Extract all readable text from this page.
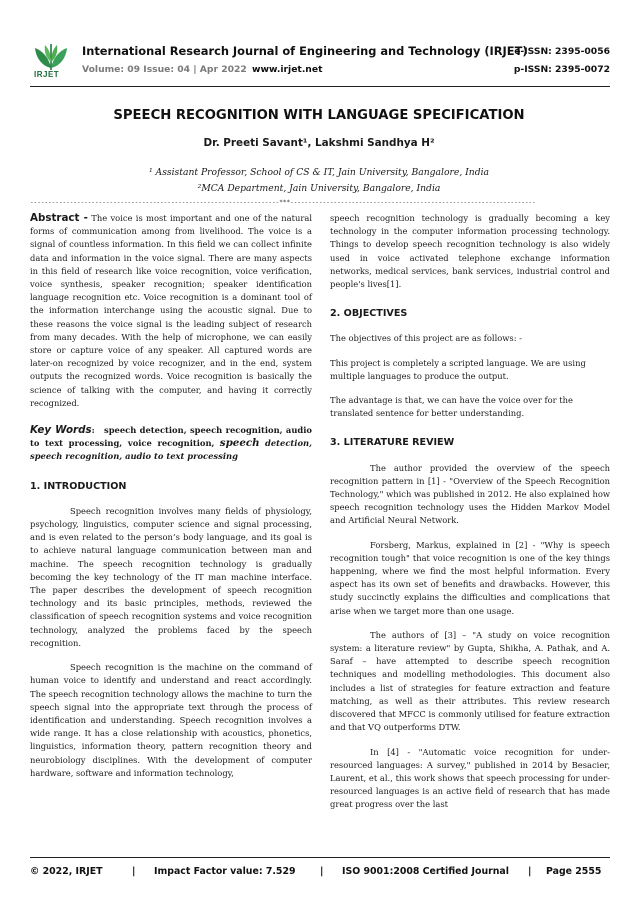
IRJET
International Research Journal of Engineering and Technology (IRJET)
Volume: 09 Issue: 04 | Apr 2022 www.irjet.net
e-ISSN: 2395-0056
p-ISSN: 2395-0072
SPEECH RECOGNITION WITH LANGUAGE SPECIFICATION
Dr. Preeti Savant¹, Lakshmi Sandhya H²
¹ Assistant Professor, School of CS & IT, Jain University, Bangalore, India
²MCA Department, Jain University, Bangalore, India
---------------------------------------------------------------------***--------------------------------------------------------------------

Abstract - The voice is most important and one of the natural forms of communication among from livelihood. The voice is a signal of countless information. In this field we can collect infinite data and information in the voice signal. There are many aspects in this field of research like voice recognition, voice verification, voice synthesis, speaker recognition; speaker identification language recognition etc. Voice recognition is a dominant tool of the information interchange using the acoustic signal. Due to these reasons the voice signal is the leading subject of research from many decades. With the help of microphone, we can easily store or capture voice of any speaker. All captured words are later-on recognized by voice recognizer, and in the end, system outputs the recognized words. Voice recognition is basically the science of talking with the computer, and having it correctly recognized.

Key Words: speech detection, speech recognition, audio to text processing, voice recognition, speech detection, speech recognition, audio to text processing

1. INTRODUCTION

Speech recognition involves many fields of physiology, psychology, linguistics, computer science and signal processing, and is even related to the person’s body language, and its goal is to achieve natural language communication between man and machine. The speech recognition technology is gradually becoming the key technology of the IT man machine interface. The paper describes the development of speech recognition technology and its basic principles, methods, reviewed the classification of speech recognition systems and voice recognition technology, analyzed the problems faced by the speech recognition.

Speech recognition is the machine on the command of human voice to identify and understand and react accordingly. The speech recognition technology allows the machine to turn the speech signal into the appropriate text through the process of identification and understanding. Speech recognition involves a wide range. It has a close relationship with acoustics, phonetics, linguistics, information theory, pattern recognition theory and neurobiology disciplines. With the development of computer hardware, software and information technology,

speech recognition technology is gradually becoming a key technology in the computer information processing technology. Things to develop speech recognition technology is also widely used in voice activated telephone exchange information networks, medical services, bank services, industrial control and people's lives[1].

2. OBJECTIVES

The objectives of this project are as follows: -

This project is completely a scripted language. We are using multiple languages to produce the output.

The advantage is that, we can have the voice over for the translated sentence for better understanding.

3. LITERATURE REVIEW

The author provided the overview of the speech recognition pattern in [1] - "Overview of the Speech Recognition Technology," which was published in 2012. He also explained how speech recognition technology uses the Hidden Markov Model and Artificial Neural Network.

Forsberg, Markus, explained in [2] - "Why is speech recognition tough" that voice recognition is one of the key things happening, where we find the most helpful information. Every aspect has its own set of benefits and drawbacks. However, this study succinctly explains the difficulties and complications that arise when we target more than one usage.

The authors of [3] – "A study on voice recognition system: a literature review" by Gupta, Shikha, A. Pathak, and A. Saraf – have attempted to describe speech recognition techniques and modelling methodologies. This document also includes a list of strategies for feature extraction and feature matching, as well as their attributes. This review research discovered that MFCC is commonly utilised for feature extraction and that VQ outperforms DTW.

In [4] - "Automatic voice recognition for under-resourced languages: A survey," published in 2014 by Besacier, Laurent, et al., this work shows that speech processing for under-resourced languages is an active field of research that has made great progress over the last

© 2022, IRJET	| Impact Factor value: 7.529	| ISO 9001:2008 Certified Journal | Page 2555
